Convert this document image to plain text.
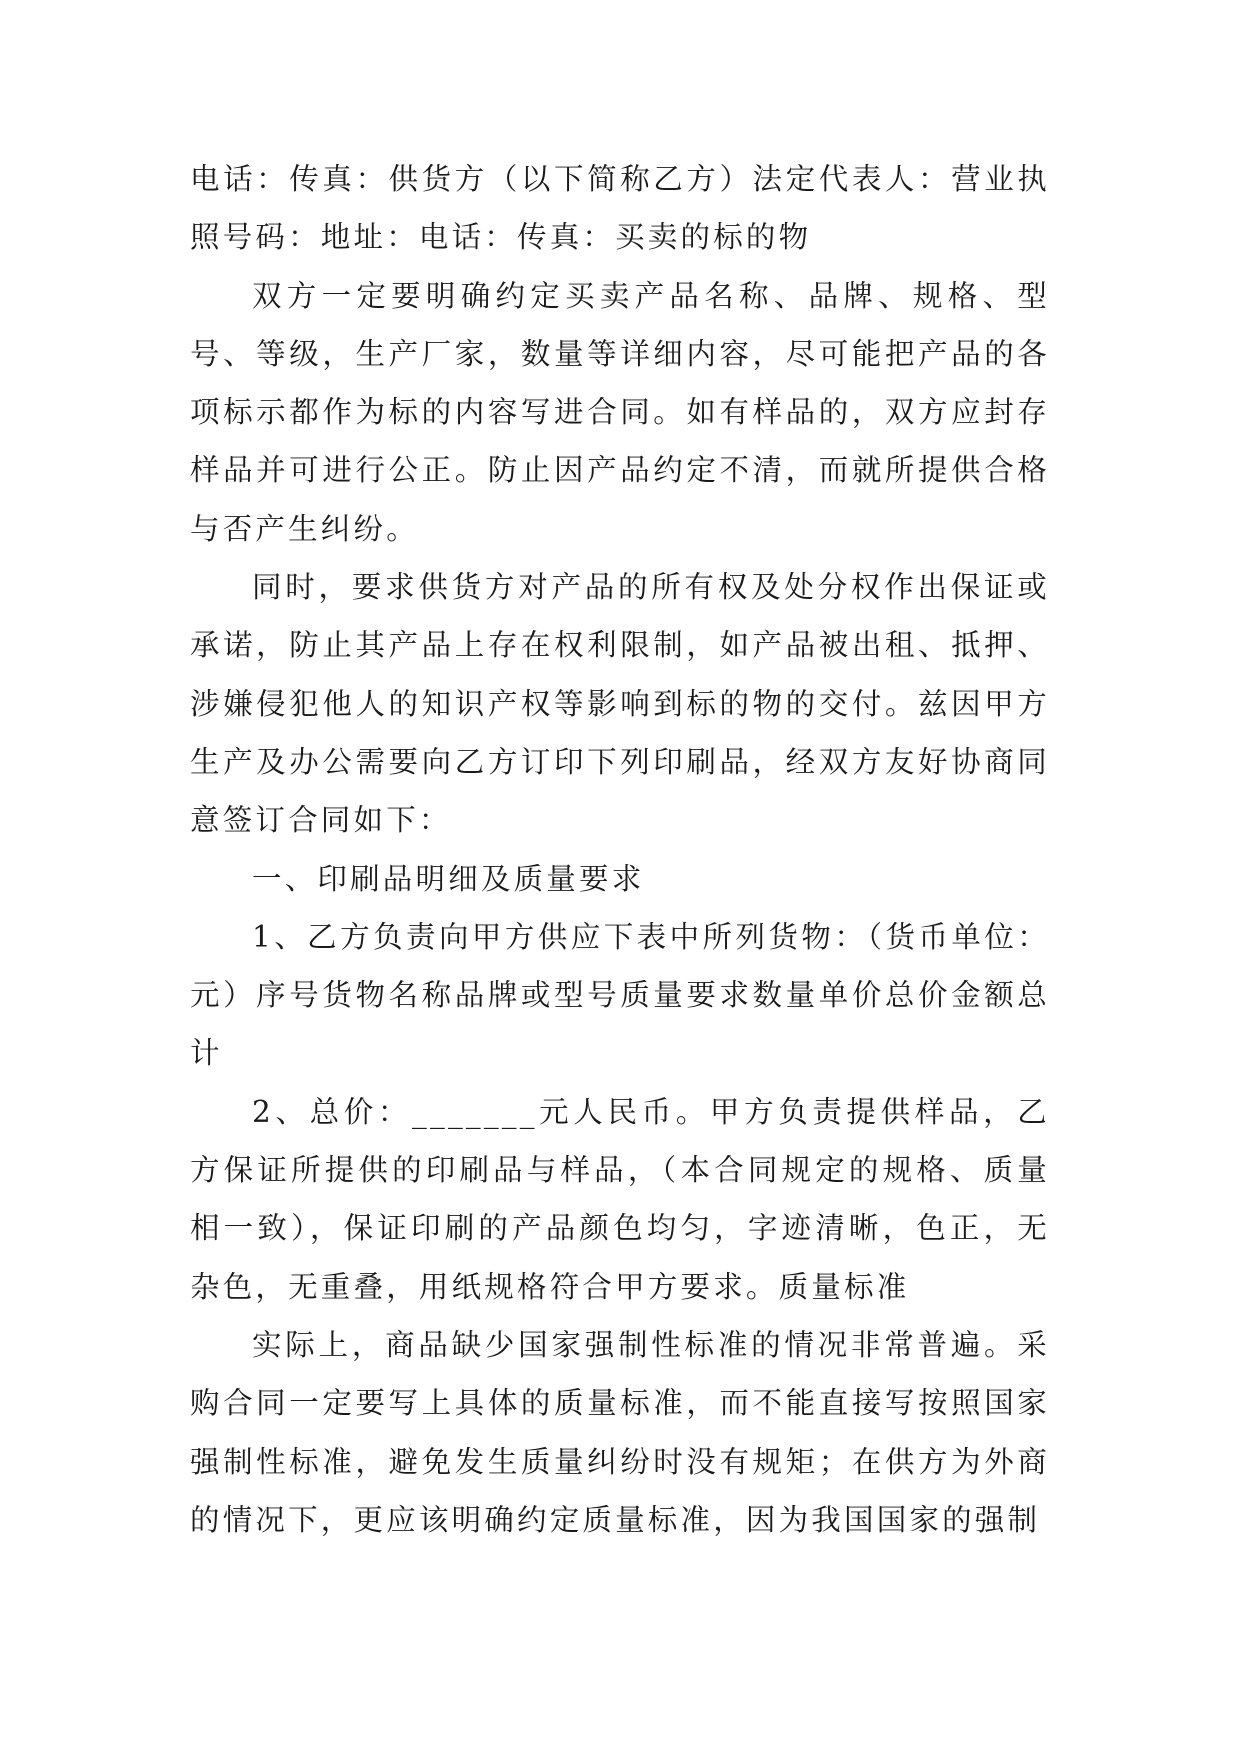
电话：传真：供货方（以下简称乙方）法定代表人：营业执照号码：地址：电话：传真：买卖的标的物

双方一定要明确约定买卖产品名称、品牌、规格、型号、等级，生产厂家，数量等详细内容，尽可能把产品的各项标示都作为标的内容写进合同。如有样品的，双方应封存样品并可进行公正。防止因产品约定不清，而就所提供合格与否产生纠纷。

同时，要求供货方对产品的所有权及处分权作出保证或承诺，防止其产品上存在权利限制，如产品被出租、抵押、涉嫌侵犯他人的知识产权等影响到标的物的交付。兹因甲方生产及办公需要向乙方订印下列印刷品，经双方友好协商同意签订合同如下：

一、印刷品明细及质量要求

1、乙方负责向甲方供应下表中所列货物：（货币单位：元）序号货物名称品牌或型号质量要求数量单价总价金额总计

2、总价：_______元人民币。甲方负责提供样品，乙方保证所提供的印刷品与样品，（本合同规定的规格、质量相一致），保证印刷的产品颜色均匀，字迹清晰，色正，无杂色，无重叠，用纸规格符合甲方要求。质量标准

实际上，商品缺少国家强制性标准的情况非常普遍。采购合同一定要写上具体的质量标准，而不能直接写按照国家强制性标准，避免发生质量纠纷时没有规矩；在供方为外商的情况下，更应该明确约定质量标准，因为我国国家的强制
